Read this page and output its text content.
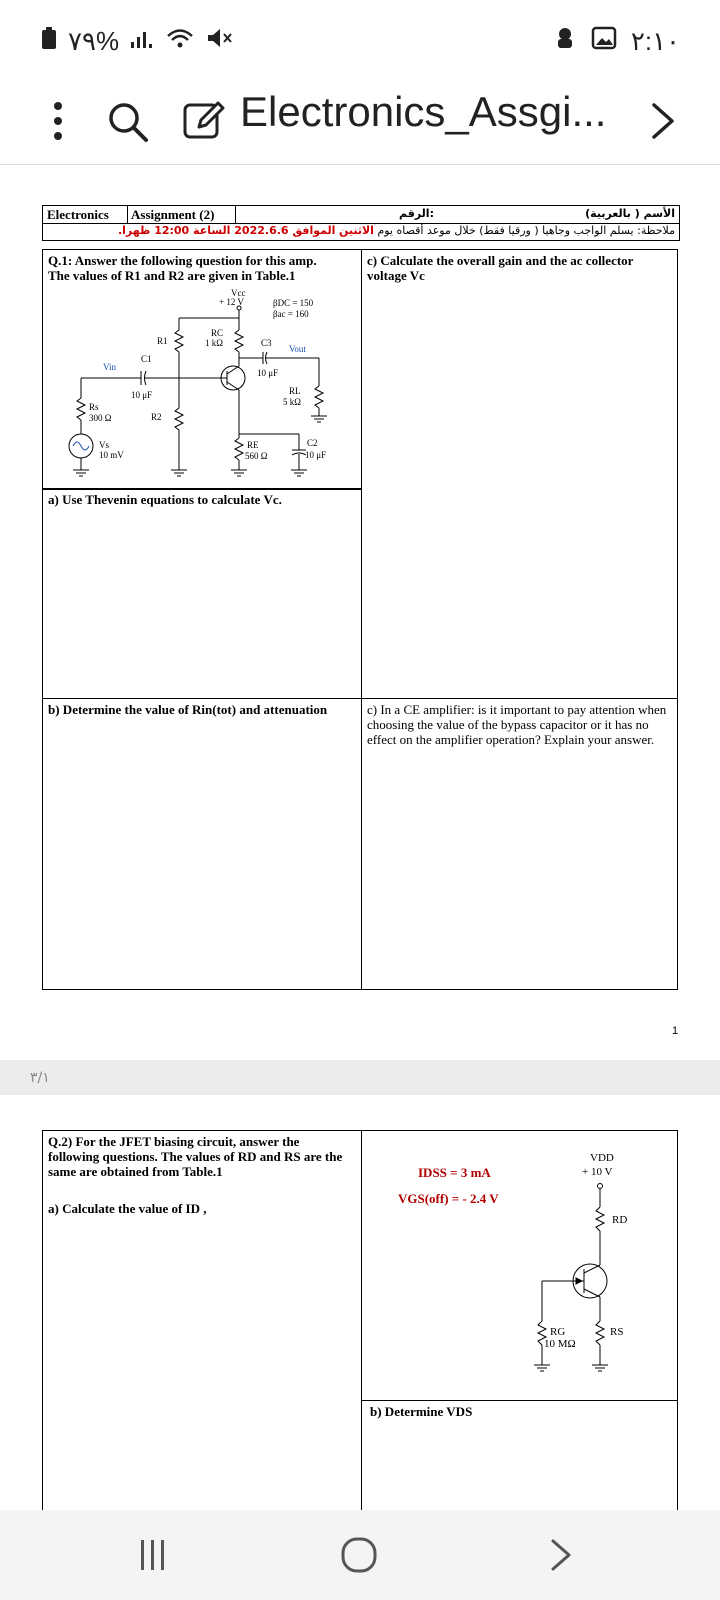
٧٩%	٢:١٠
Electronics_Assgi...
Electronics Assignment (2)	الرقم:	الأسم ( بالعربية)
ملاحظة: يسلم الواجب وجاهيا ( ورقيا فقط) خلال موعد أقصاه يوم الاثنين الموافق 2022.6.6 الساعة 12:00 ظهرا.
Q.1: Answer the following question for this amp.
The values of R1 and R2 are given in Table.1
Vcc
+ 12 V	βDC = 150
βac = 160
RC
1 kΩ
R1
R2
C1
10 μF
C3
10 μF
Vin
Vout
Rs
300 Ω
RL
5 kΩ
Vs
10 mV
RE
560 Ω
C2
10 μF
a) Use Thevenin equations to calculate Vc.
c) Calculate the overall gain and the ac collector
voltage Vc
b) Determine the value of Rin(tot) and attenuation	c) In a CE amplifier: is it important to pay attention when choosing the value of the bypass capacitor or it has no effect on the amplifier operation? Explain your answer.
1
٣/١
Q.2) For the JFET biasing circuit, answer the
following questions. The values of RD and RS are the
same are obtained from Table.1
a) Calculate the value of ID ,
IDSS = 3 mA
VGS(off) = - 2.4 V
VDD
+ 10 V
RD
RG
10 MΩ
RS
b) Determine VDS
